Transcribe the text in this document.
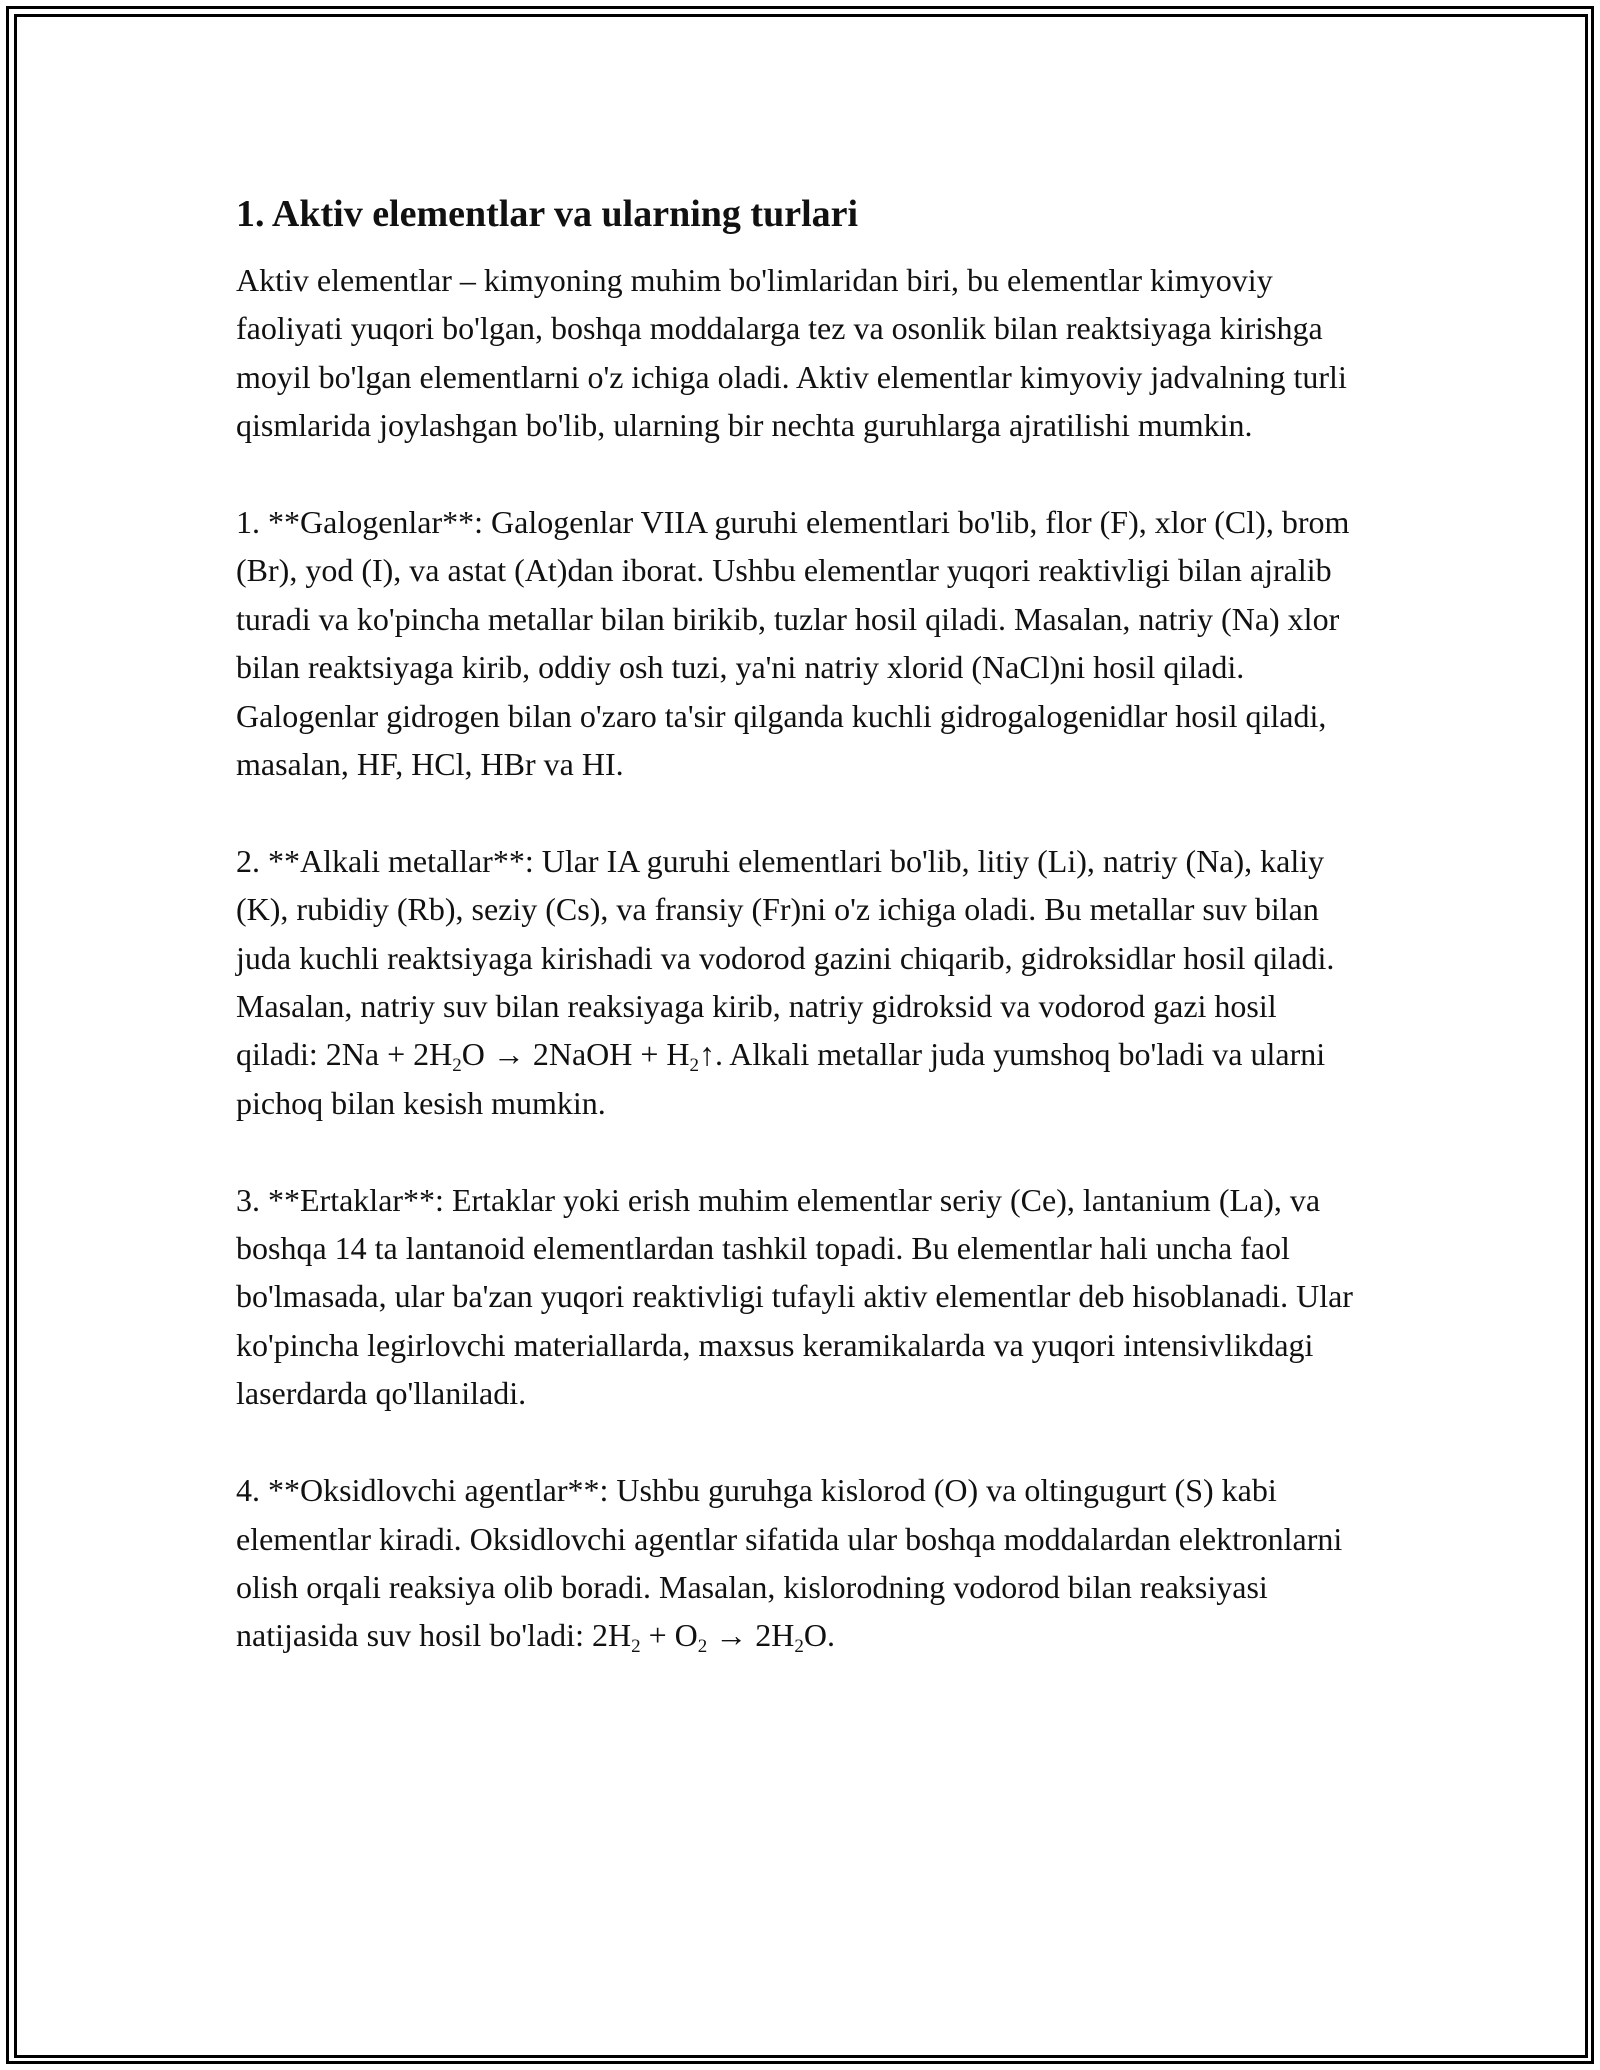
1. Aktiv elementlar va ularning turlari

Aktiv elementlar – kimyoning muhim bo'limlaridan biri, bu elementlar kimyoviy faoliyati yuqori bo'lgan, boshqa moddalarga tez va osonlik bilan reaktsiyaga kirishga moyil bo'lgan elementlarni o'z ichiga oladi. Aktiv elementlar kimyoviy jadvalning turli qismlarida joylashgan bo'lib, ularning bir nechta guruhlarga ajratilishi mumkin.

1. **Galogenlar**: Galogenlar VIIA guruhi elementlari bo'lib, flor (F), xlor (Cl), brom (Br), yod (I), va astat (At)dan iborat. Ushbu elementlar yuqori reaktivligi bilan ajralib turadi va ko'pincha metallar bilan birikib, tuzlar hosil qiladi. Masalan, natriy (Na) xlor bilan reaktsiyaga kirib, oddiy osh tuzi, ya'ni natriy xlorid (NaCl)ni hosil qiladi. Galogenlar gidrogen bilan o'zaro ta'sir qilganda kuchli gidrogalogenidlar hosil qiladi, masalan, HF, HCl, HBr va HI.

2. **Alkali metallar**: Ular IA guruhi elementlari bo'lib, litiy (Li), natriy (Na), kaliy (K), rubidiy (Rb), seziy (Cs), va fransiy (Fr)ni o'z ichiga oladi. Bu metallar suv bilan juda kuchli reaktsiyaga kirishadi va vodorod gazini chiqarib, gidroksidlar hosil qiladi. Masalan, natriy suv bilan reaksiyaga kirib, natriy gidroksid va vodorod gazi hosil qiladi: $2Na + 2H_2O$ → 2NaOH + $H_2↑$. Alkali metallar juda yumshoq bo'ladi va ularni pichoq bilan kesish mumkin.

3. **Ertaklar**: Ertaklar yoki erish muhim elementlar seriy (Ce), lantanium (La), va boshqa 14 ta lantanoid elementlardan tashkil topadi. Bu elementlar hali uncha faol bo'lmasada, ular ba'zan yuqori reaktivligi tufayli aktiv elementlar deb hisoblanadi. Ular ko'pincha legirlovchi materiallarda, maxsus keramikalarda va yuqori intensivlikdagi laserdarda qo'llaniladi.

4. **Oksidlovchi agentlar**: Ushbu guruhga kislorod (O) va oltingugurt (S) kabi elementlar kiradi. Oksidlovchi agentlar sifatida ular boshqa moddalardan elektronlarni olish orqali reaksiya olib boradi. Masalan, kislorodning vodorod bilan reaksiyasi natijasida suv hosil bo'ladi: $2H_2 + O_2 \to 2H_2O$.
